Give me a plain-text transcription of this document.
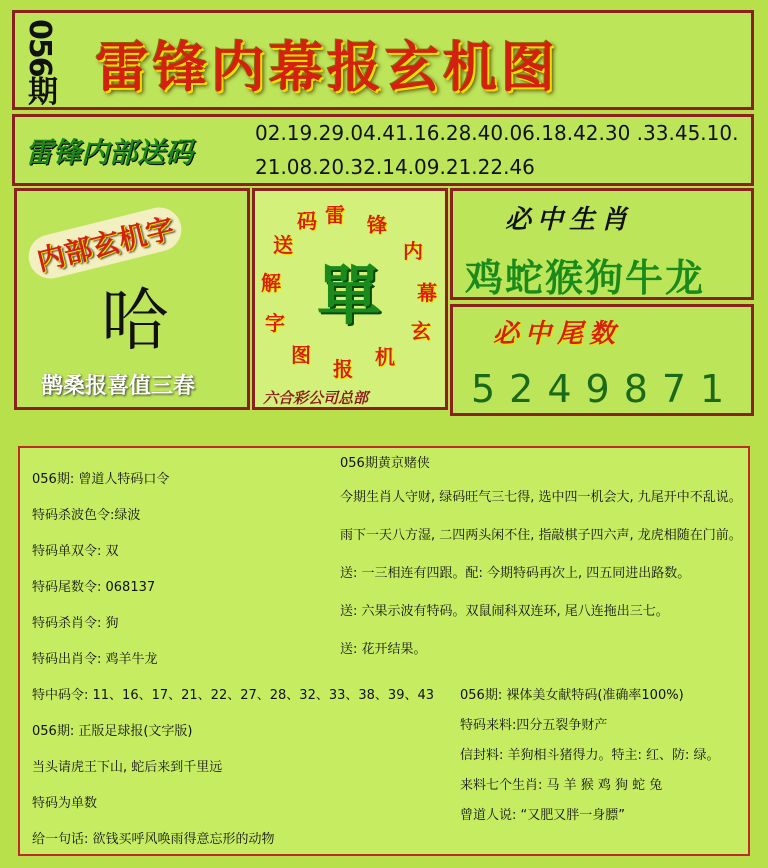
056期 雷锋内幕报玄机图
雷锋内部送码
02.19.29.04.41.16.28.40.06.18.42.30 .33.45.10.
21.08.20.32.14.09.21.22.46
内部玄机字
哈
鹊桑报喜值三春
雷 锋
内
幕
玄
机
报
图
字
解
送
码
單
六合彩公司总部
必中生肖
鸡蛇猴狗牛龙
必中尾数
5249871
056期: 曾道人特码口令
特码杀波色令:绿波
特码单双令: 双
特码尾数令: 068137
特码杀肖令: 狗
特码出肖令: 鸡羊牛龙
特中码令: 11、16、17、21、22、27、28、32、33、38、39、43
056期: 正版足球报(文字版)
当头请虎王下山, 蛇后来到千里远
特码为单数
给一句话: 欲钱买呼风唤雨得意忘形的动物
056期黄京赌侠
今期生肖人守财, 绿码旺气三七得, 选中四一机会大, 九尾开中不乱说。
雨下一天八方湿, 二四两头闲不住, 指敲棋子四六声, 龙虎相随在门前。
送: 一三相连有四跟。配: 今期特码再次上, 四五同进出路数。
送: 六果示波有特码。双鼠闹科双连环, 尾八连拖出三七。
送: 花开结果。
056期: 裸体美女献特码(准确率100%)
特码来料:四分五裂争财产
信封料: 羊狗相斗猪得力。特主: 红、防: 绿。
来料七个生肖: 马 羊 猴 鸡 狗 蛇 兔
曾道人说: “又肥又胖一身膘”
